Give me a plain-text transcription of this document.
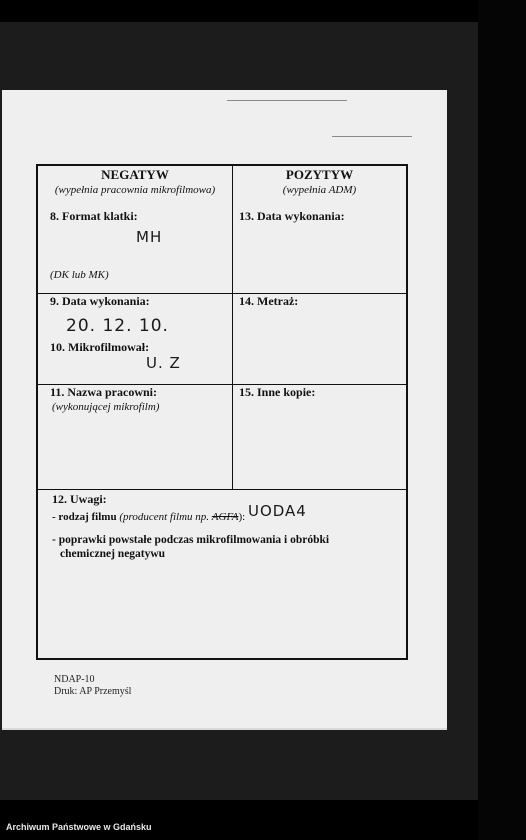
NEGATYW
(wypełnia pracownia mikrofilmowa)
8. Format klatki:
MH
(DK lub MK)
POZYTYW
(wypełnia ADM)
13. Data wykonania:
9. Data wykonania:
20. 12. 10.
10. Mikrofilmował:
U. Z
14. Metraż:
11. Nazwa pracowni:
(wykonującej mikrofilm)
15. Inne kopie:
12. Uwagi:
- rodzaj filmu (producent filmu np. AGFA): UODA4
- poprawki powstałe podczas mikrofilmowania i obróbki
chemicznej negatywu
NDAP-10
Druk: AP Przemyśl
Archiwum Państwowe w Gdańsku
